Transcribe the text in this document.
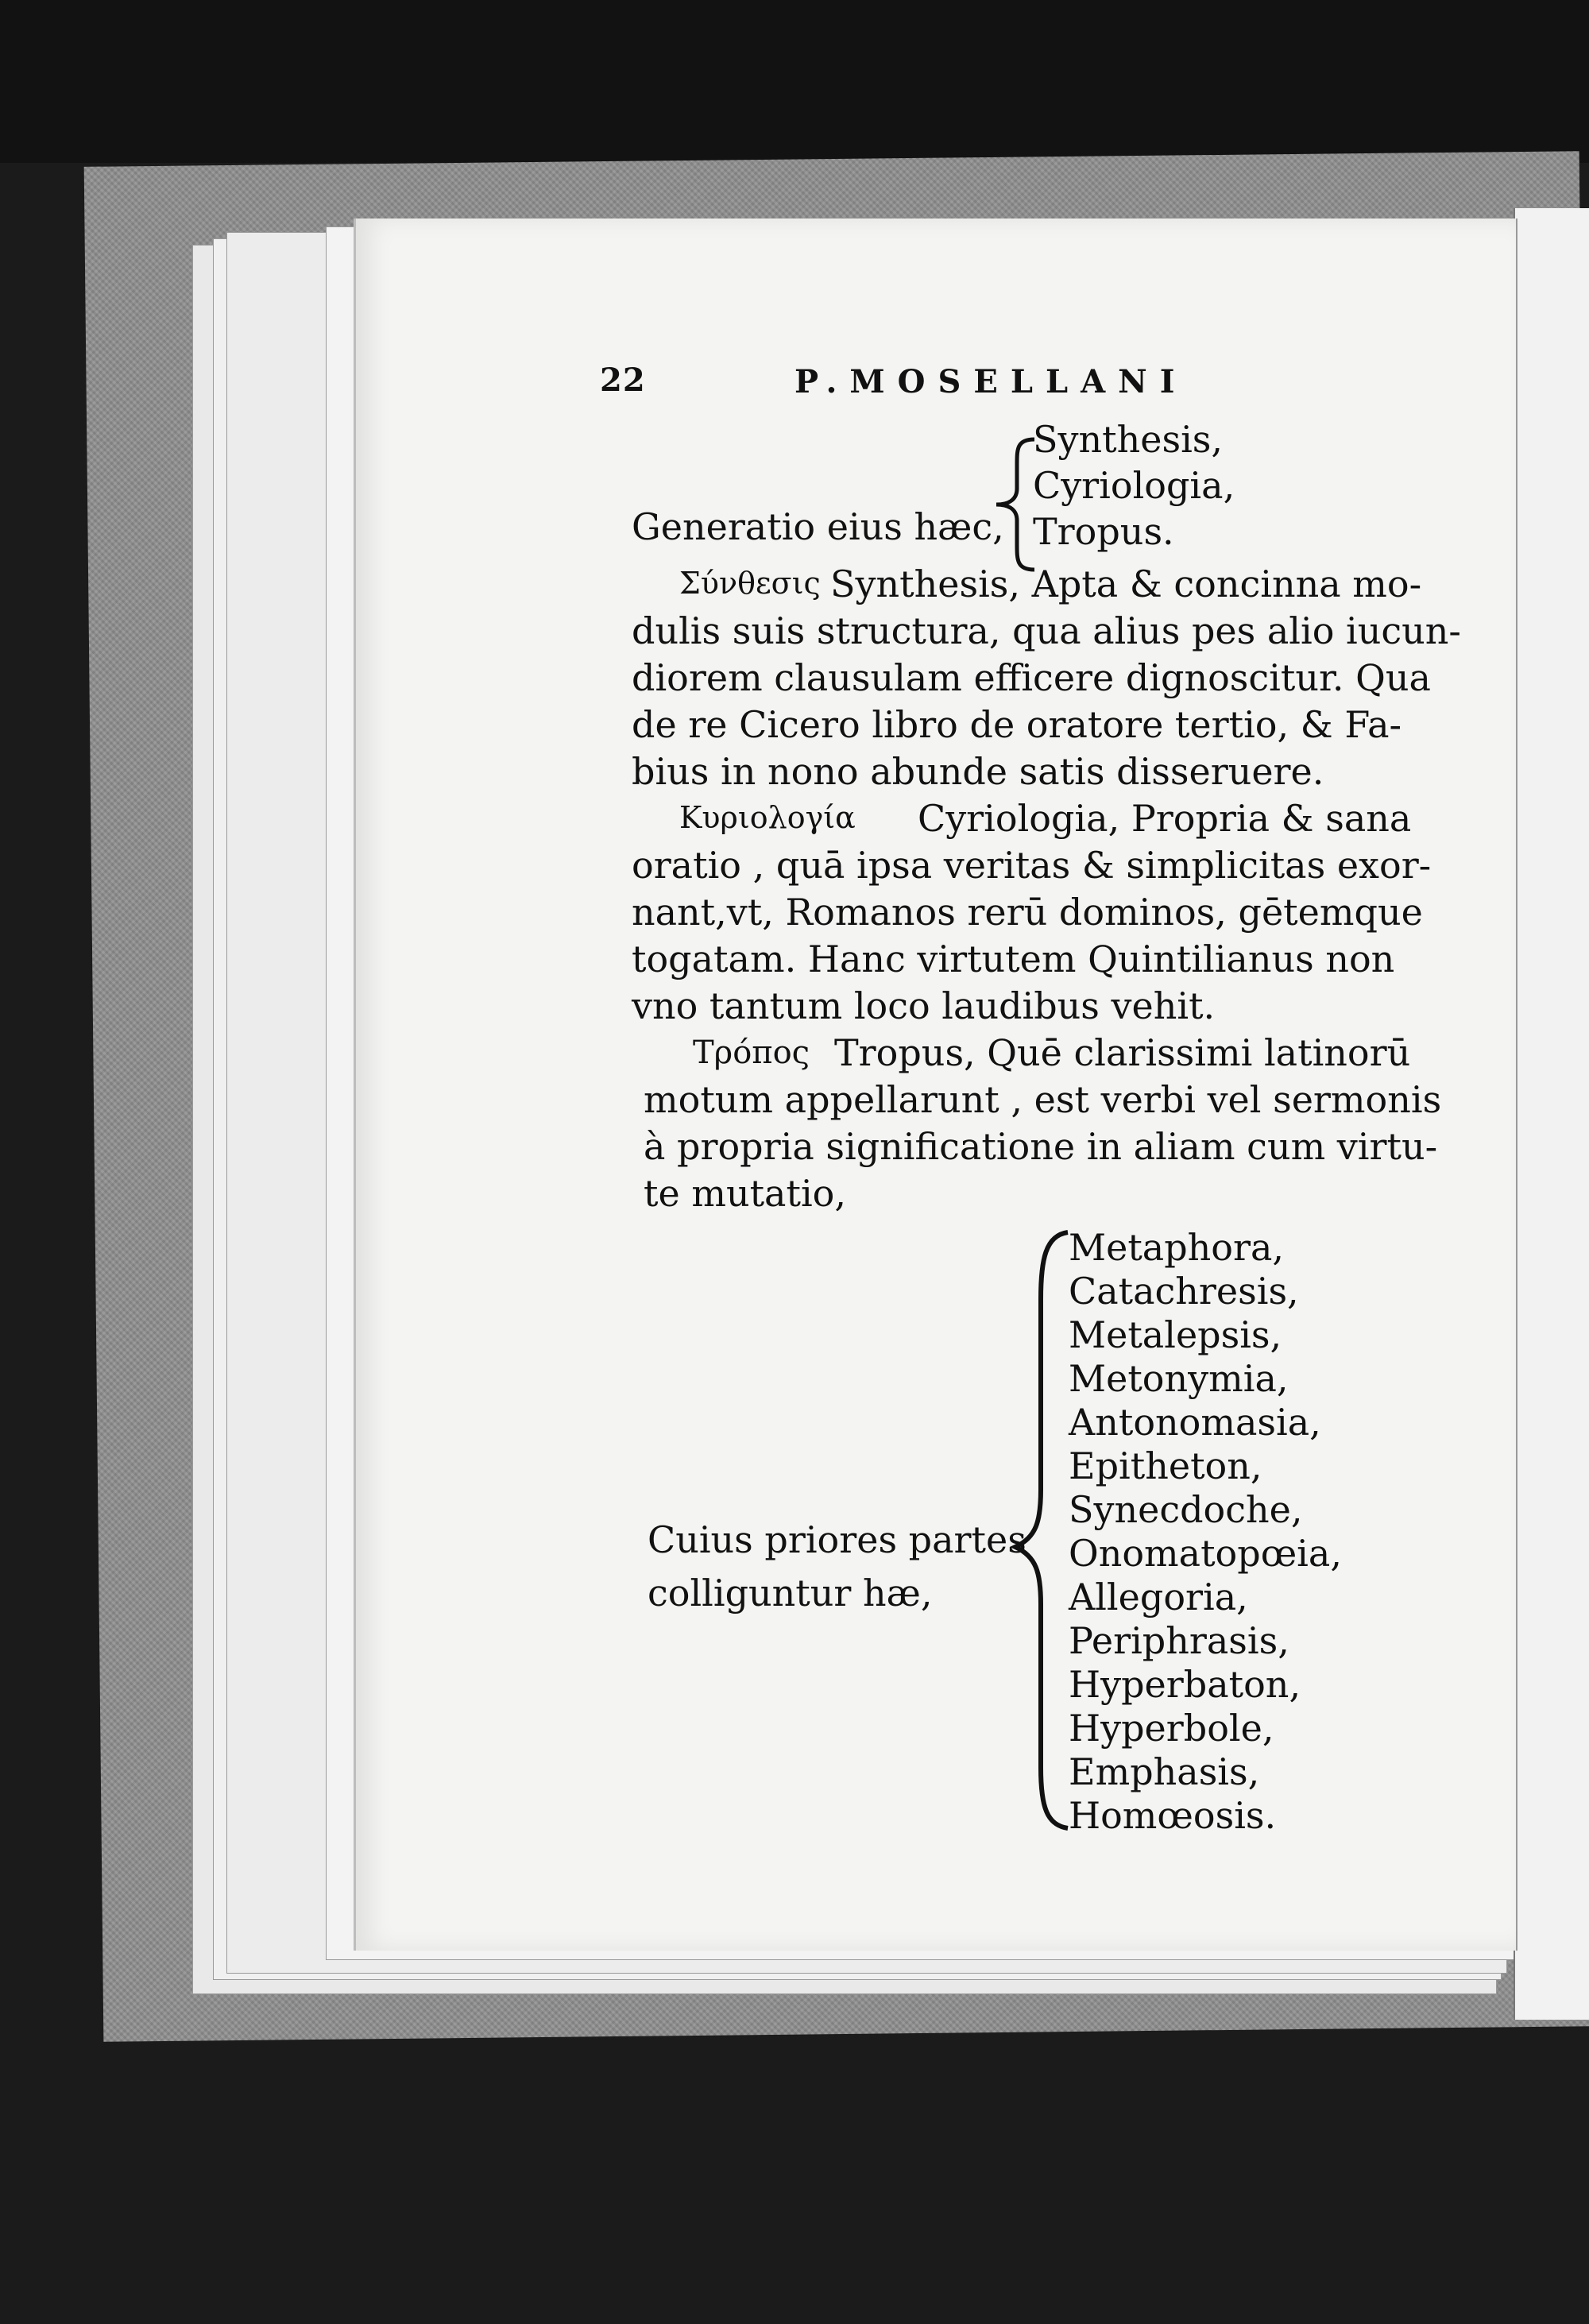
22	P.MOSELLANI
Generatio eius hæc,
Synthesis,
Cyriologia,
Tropus.
Σύνθεσις Synthesis, Apta & concinna mo-
dulis suis structura, qua alius pes alio iucun-
diorem clausulam efficere dignoscitur. Qua
de re Cicero libro de oratore tertio, & Fa-
bius in nono abunde satis disseruere.
Κυριολογία Cyriologia, Propria & sana
oratio , quā ipsa veritas & simplicitas exor-
nant,vt, Romanos rerū dominos, gētemque
togatam. Hanc virtutem Quintilianus non
vno tantum loco laudibus vehit.
Τρόπος Tropus, Quē clarissimi latinorū
motum appellarunt , est verbi vel sermonis
à propria significatione in aliam cum virtu-
te mutatio,
Cuius priores partes
colliguntur hæ,
Metaphora,
Catachresis,
Metalepsis,
Metonymia,
Antonomasia,
Epitheton,
Synecdoche,
Onomatopœia,
Allegoria,
Periphrasis,
Hyperbaton,
Hyperbole,
Emphasis,
Homœosis.
